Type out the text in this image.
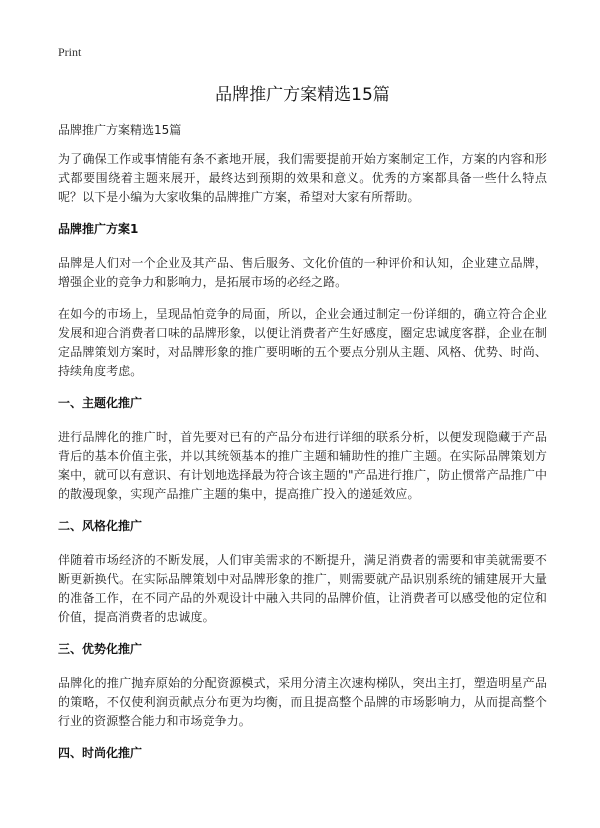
Print
品牌推广方案精选15篇
品牌推广方案精选15篇

为了确保工作或事情能有条不紊地开展，我们需要提前开始方案制定工作，方案的内容和形式都要围绕着主题来展开，最终达到预期的效果和意义。优秀的方案都具备一些什么特点呢？以下是小编为大家收集的品牌推广方案，希望对大家有所帮助。

品牌推广方案1

品牌是人们对一个企业及其产品、售后服务、文化价值的一种评价和认知，企业建立品牌，增强企业的竞争力和影响力，是拓展市场的必经之路。

在如今的市场上，呈现品怕竞争的局面，所以，企业会通过制定一份详细的，确立符合企业发展和迎合消费者口味的品牌形象，以便让消费者产生好感度，圈定忠诚度客群，企业在制定品牌策划方案时，对品牌形象的推广要明晰的五个要点分别从主题、风格、优势、时尚、持续角度考虑。

一、主题化推广

进行品牌化的推广时，首先要对已有的产品分布进行详细的联系分析，以便发现隐藏于产品背后的基本价值主张，并以其统领基本的推广主题和辅助性的推广主题。在实际品牌策划方案中，就可以有意识、有计划地选择最为符合该主题的"产品进行推广，防止惯常产品推广中的散漫现象，实现产品推广主题的集中，提高推广投入的递延效应。

二、风格化推广

伴随着市场经济的不断发展，人们审美需求的不断提升，满足消费者的需要和审美就需要不断更新换代。在实际品牌策划中对品牌形象的推广，则需要就产品识别系统的铺建展开大量的准备工作，在不同产品的外观设计中融入共同的品牌价值，让消费者可以感受他的定位和价值，提高消费者的忠诚度。

三、优势化推广

品牌化的推广抛弃原始的分配资源模式，采用分清主次速构梯队，突出主打，塑造明星产品的策略，不仅使利润贡献点分布更为均衡，而且提高整个品牌的市场影响力，从而提高整个行业的资源整合能力和市场竞争力。

四、时尚化推广
